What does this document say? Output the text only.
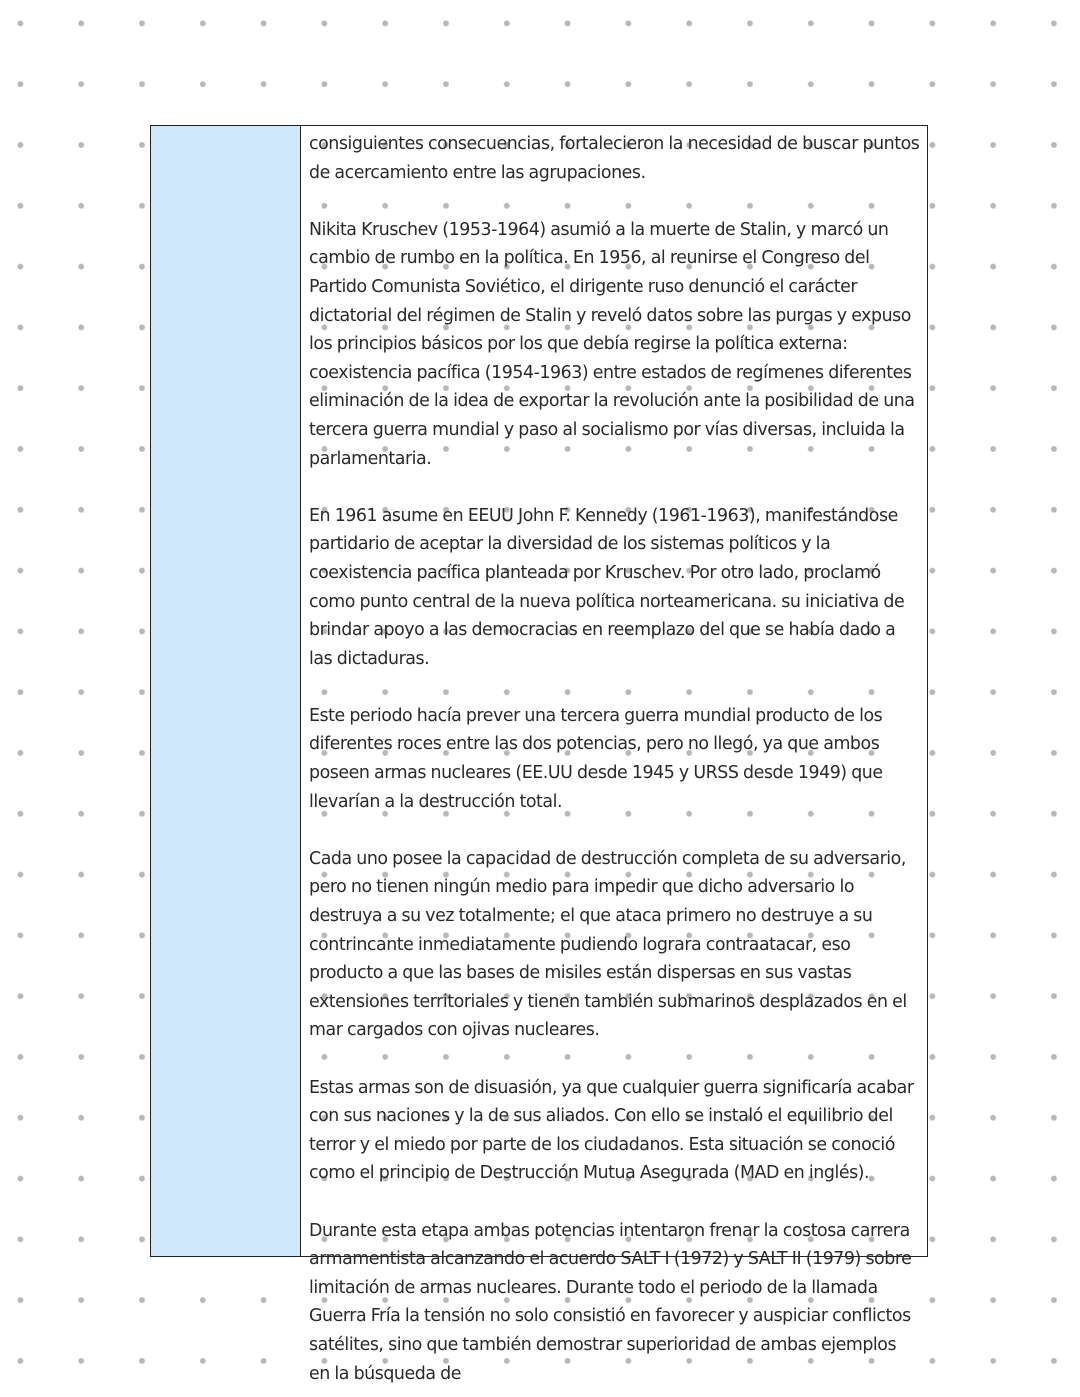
consiguientes consecuencias, fortalecieron la necesidad de buscar puntos de acercamiento entre las agrupaciones.

Nikita Kruschev (1953-1964) asumió a la muerte de Stalin, y marcó un cambio de rumbo en la política. En 1956, al reunirse el Congreso del Partido Comunista Soviético, el dirigente ruso denunció el carácter dictatorial del régimen de Stalin y reveló datos sobre las purgas y expuso los principios básicos por los que debía regirse la política externa: coexistencia pacífica (1954-1963) entre estados de regímenes diferentes eliminación de la idea de exportar la revolución ante la posibilidad de una tercera guerra mundial y paso al socialismo por vías diversas, incluida la parlamentaria.

En 1961 asume en EEUU John F. Kennedy (1961-1963), manifestándose partidario de aceptar la diversidad de los sistemas políticos y la coexistencia pacífica planteada por Kruschev. Por otro lado, proclamó como punto central de la nueva política norteamericana. su iniciativa de brindar apoyo a las democracias en reemplazo del que se había dado a las dictaduras.

Este periodo hacía prever una tercera guerra mundial producto de los diferentes roces entre las dos potencias, pero no llegó, ya que ambos poseen armas nucleares (EE.UU desde 1945 y URSS desde 1949) que llevarían a la destrucción total.

Cada uno posee la capacidad de destrucción completa de su adversario, pero no tienen ningún medio para impedir que dicho adversario lo destruya a su vez totalmente; el que ataca primero no destruye a su contrincante inmediatamente pudiendo lograra contraatacar, eso producto a que las bases de misiles están dispersas en sus vastas extensiones territoriales y tienen también submarinos desplazados en el mar cargados con ojivas nucleares.

Estas armas son de disuasión, ya que cualquier guerra significaría acabar con sus naciones y la de sus aliados. Con ello se instaló el equilibrio del terror y el miedo por parte de los ciudadanos. Esta situación se conoció como el principio de Destrucción Mutua Asegurada (MAD en inglés).

Durante esta etapa ambas potencias intentaron frenar la costosa carrera armamentista alcanzando el acuerdo SALT I (1972) y SALT II (1979) sobre limitación de armas nucleares. Durante todo el periodo de la llamada Guerra Fría la tensión no solo consistió en favorecer y auspiciar conflictos satélites, sino que también demostrar superioridad de ambas ejemplos en la búsqueda de
